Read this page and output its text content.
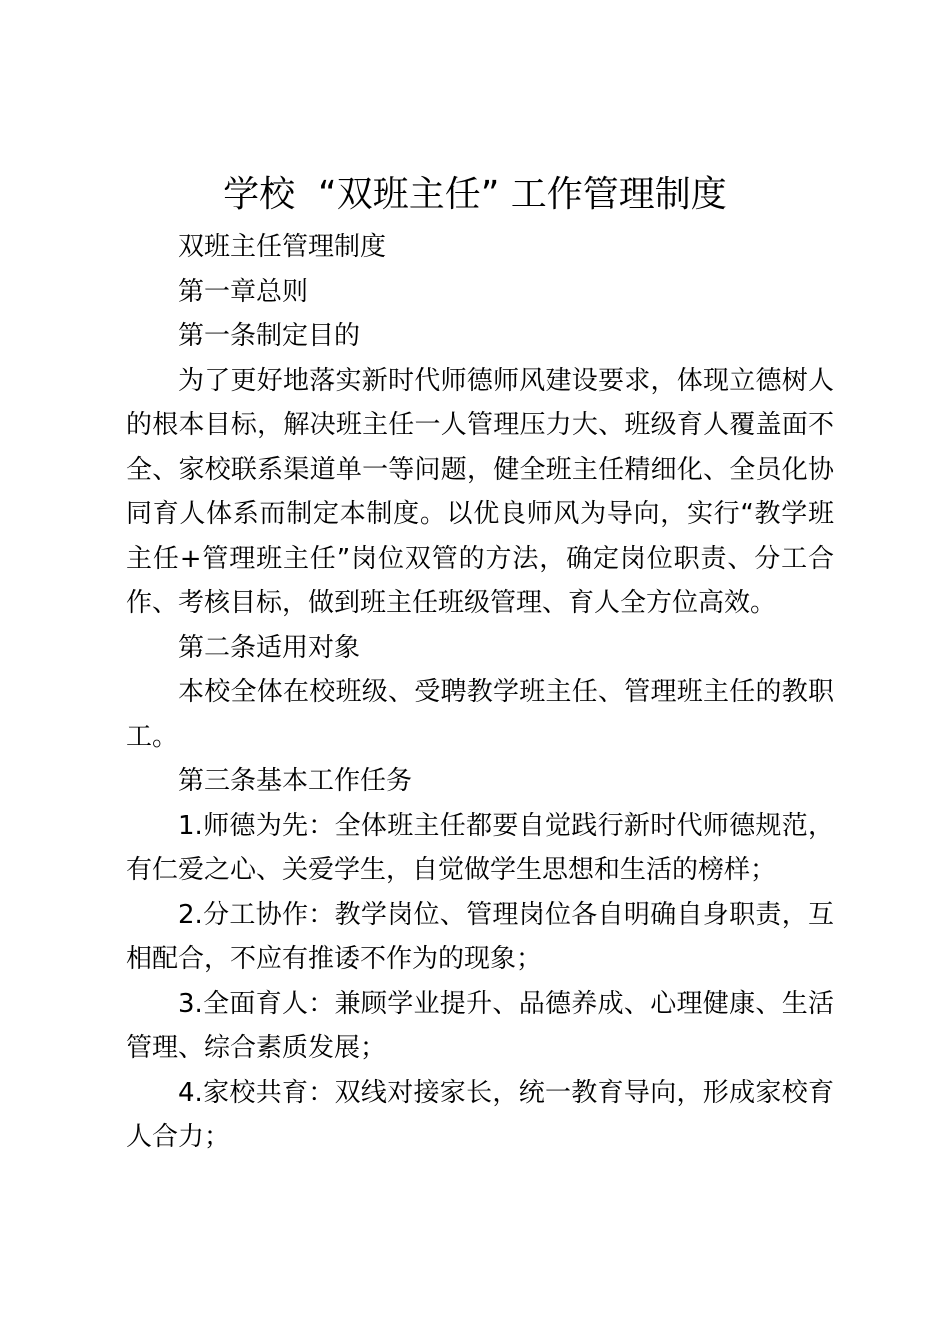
学校  “双班主任” 工作管理制度

双班主任管理制度

第一章总则

第一条制定目的

为了更好地落实新时代师德师风建设要求，体现立德树人的根本目标，解决班主任一人管理压力大、班级育人覆盖面不全、家校联系渠道单一等问题，健全班主任精细化、全员化协同育人体系而制定本制度。以优良师风为导向，实行“教学班主任+管理班主任”岗位双管的方法，确定岗位职责、分工合作、考核目标，做到班主任班级管理、育人全方位高效。

第二条适用对象

本校全体在校班级、受聘教学班主任、管理班主任的教职工。

第三条基本工作任务

1.师德为先：全体班主任都要自觉践行新时代师德规范，有仁爱之心、关爱学生，自觉做学生思想和生活的榜样；

2.分工协作：教学岗位、管理岗位各自明确自身职责，互相配合，不应有推诿不作为的现象；

3.全面育人：兼顾学业提升、品德养成、心理健康、生活管理、综合素质发展；

4.家校共育：双线对接家长，统一教育导向，形成家校育人合力；
